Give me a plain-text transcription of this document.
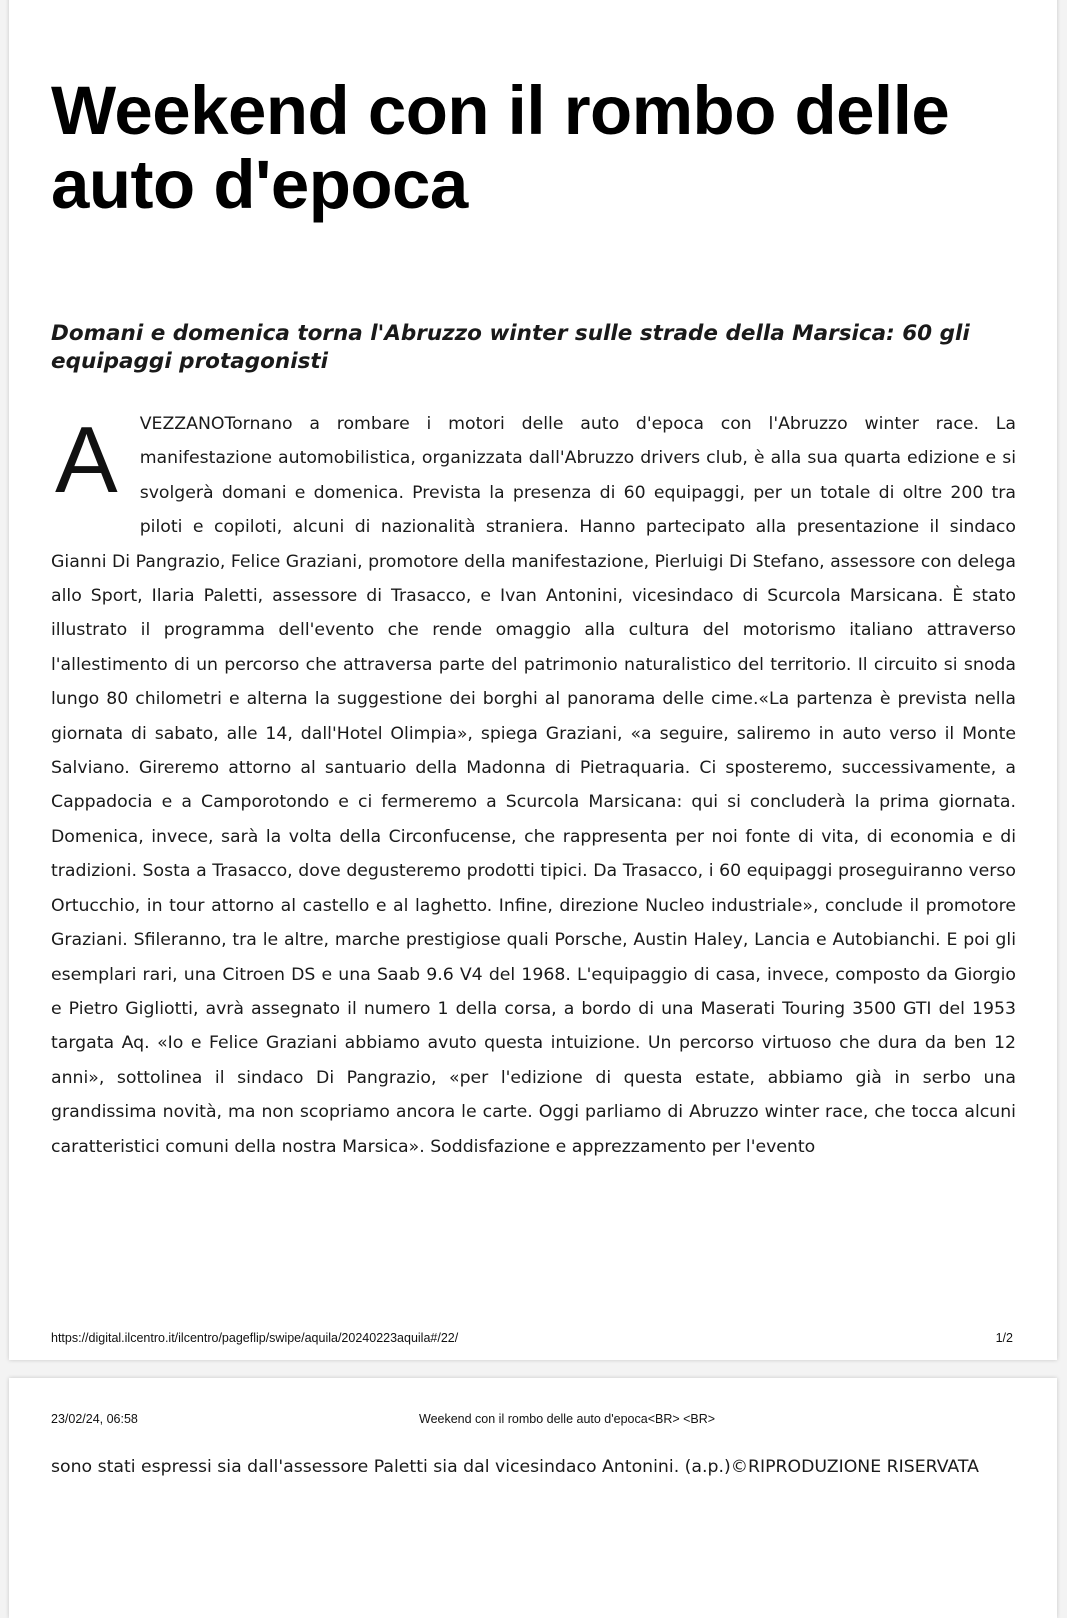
Weekend con il rombo delle auto d'epoca
Domani e domenica torna l'Abruzzo winter sulle strade della Marsica: 60 gli equipaggi protagonisti
A VEZZANOTornano a rombare i motori delle auto d'epoca con l'Abruzzo winter race. La manifestazione automobilistica, organizzata dall'Abruzzo drivers club, è alla sua quarta edizione e si svolgerà domani e domenica. Prevista la presenza di 60 equipaggi, per un totale di oltre 200 tra piloti e copiloti, alcuni di nazionalità straniera. Hanno partecipato alla presentazione il sindaco Gianni Di Pangrazio, Felice Graziani, promotore della manifestazione, Pierluigi Di Stefano, assessore con delega allo Sport, Ilaria Paletti, assessore di Trasacco, e Ivan Antonini, vicesindaco di Scurcola Marsicana. È stato illustrato il programma dell'evento che rende omaggio alla cultura del motorismo italiano attraverso l'allestimento di un percorso che attraversa parte del patrimonio naturalistico del territorio. Il circuito si snoda lungo 80 chilometri e alterna la suggestione dei borghi al panorama delle cime.«La partenza è prevista nella giornata di sabato, alle 14, dall'Hotel Olimpia», spiega Graziani, «a seguire, saliremo in auto verso il Monte Salviano. Gireremo attorno al santuario della Madonna di Pietraquaria. Ci sposteremo, successivamente, a Cappadocia e a Camporotondo e ci fermeremo a Scurcola Marsicana: qui si concluderà la prima giornata. Domenica, invece, sarà la volta della Circonfucense, che rappresenta per noi fonte di vita, di economia e di tradizioni. Sosta a Trasacco, dove degusteremo prodotti tipici. Da Trasacco, i 60 equipaggi proseguiranno verso Ortucchio, in tour attorno al castello e al laghetto. Infine, direzione Nucleo industriale», conclude il promotore Graziani. Sfileranno, tra le altre, marche prestigiose quali Porsche, Austin Haley, Lancia e Autobianchi. E poi gli esemplari rari, una Citroen DS e una Saab 9.6 V4 del 1968. L'equipaggio di casa, invece, composto da Giorgio e Pietro Gigliotti, avrà assegnato il numero 1 della corsa, a bordo di una Maserati Touring 3500 GTI del 1953 targata Aq. «Io e Felice Graziani abbiamo avuto questa intuizione. Un percorso virtuoso che dura da ben 12 anni», sottolinea il sindaco Di Pangrazio, «per l'edizione di questa estate, abbiamo già in serbo una grandissima novità, ma non scopriamo ancora le carte. Oggi parliamo di Abruzzo winter race, che tocca alcuni caratteristici comuni della nostra Marsica». Soddisfazione e apprezzamento per l'evento
https://digital.ilcentro.it/ilcentro/pageflip/swipe/aquila/20240223aquila#/22/	1/2
23/02/24, 06:58	Weekend con il rombo delle auto d'epoca<BR> <BR>

sono stati espressi sia dall'assessore Paletti sia dal vicesindaco Antonini. (a.p.)©RIPRODUZIONE RISERVATA
